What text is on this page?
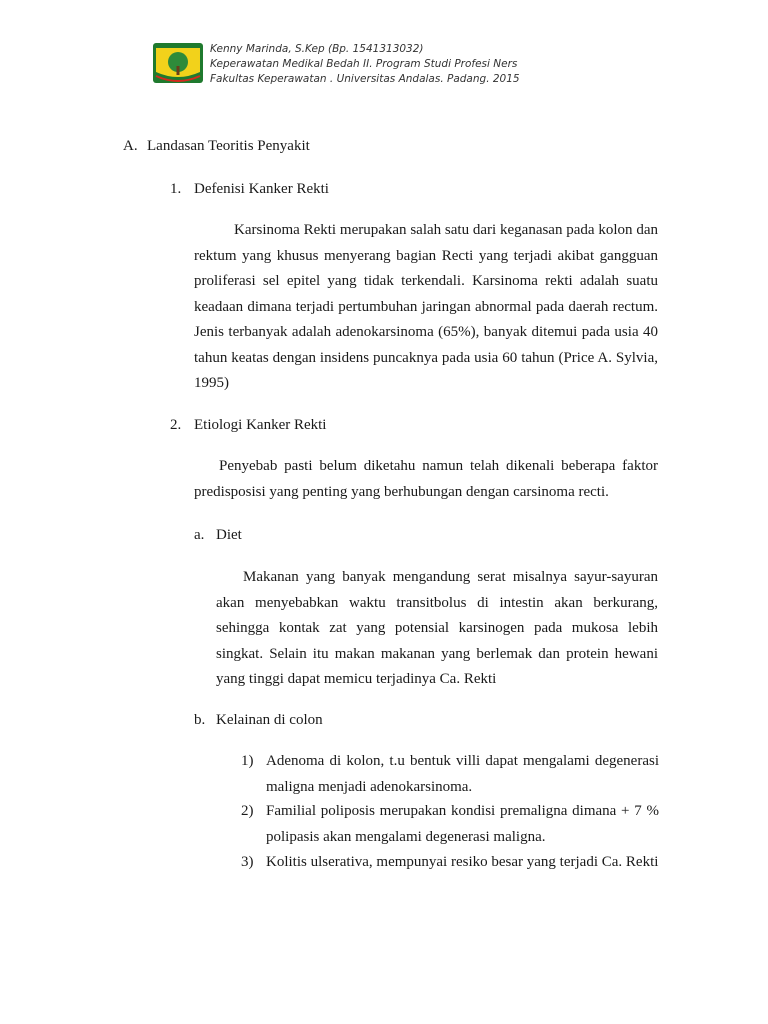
Kenny Marinda, S.Kep (Bp. 1541313032)
Keperawatan Medikal Bedah II. Program Studi Profesi Ners
Fakultas Keperawatan . Universitas Andalas. Padang. 2015
A. Landasan Teoritis Penyakit
1. Defenisi Kanker Rekti
Karsinoma Rekti merupakan salah satu dari keganasan pada kolon dan rektum yang khusus menyerang bagian Recti yang terjadi akibat gangguan proliferasi sel epitel yang tidak terkendali. Karsinoma rekti adalah suatu keadaan dimana terjadi pertumbuhan jaringan abnormal pada daerah rectum. Jenis terbanyak adalah adenokarsinoma (65%), banyak ditemui pada usia 40 tahun keatas dengan insidens puncaknya pada usia 60 tahun (Price A. Sylvia, 1995)
2. Etiologi Kanker Rekti
Penyebab pasti belum diketahu namun telah dikenali beberapa faktor predisposisi yang penting yang berhubungan dengan carsinoma recti.
a. Diet
Makanan yang banyak mengandung serat misalnya sayur-sayuran akan menyebabkan waktu transitbolus di intestin akan berkurang, sehingga kontak zat yang potensial karsinogen pada mukosa lebih singkat. Selain itu makan makanan yang berlemak dan protein hewani yang tinggi dapat memicu terjadinya Ca. Rekti
b. Kelainan di colon
1) Adenoma di kolon, t.u bentuk villi dapat mengalami degenerasi maligna menjadi adenokarsinoma.
2) Familial poliposis merupakan kondisi premaligna dimana + 7 % polipasis akan mengalami degenerasi maligna.
3) Kolitis ulserativa, mempunyai resiko besar yang terjadi Ca. Rekti
